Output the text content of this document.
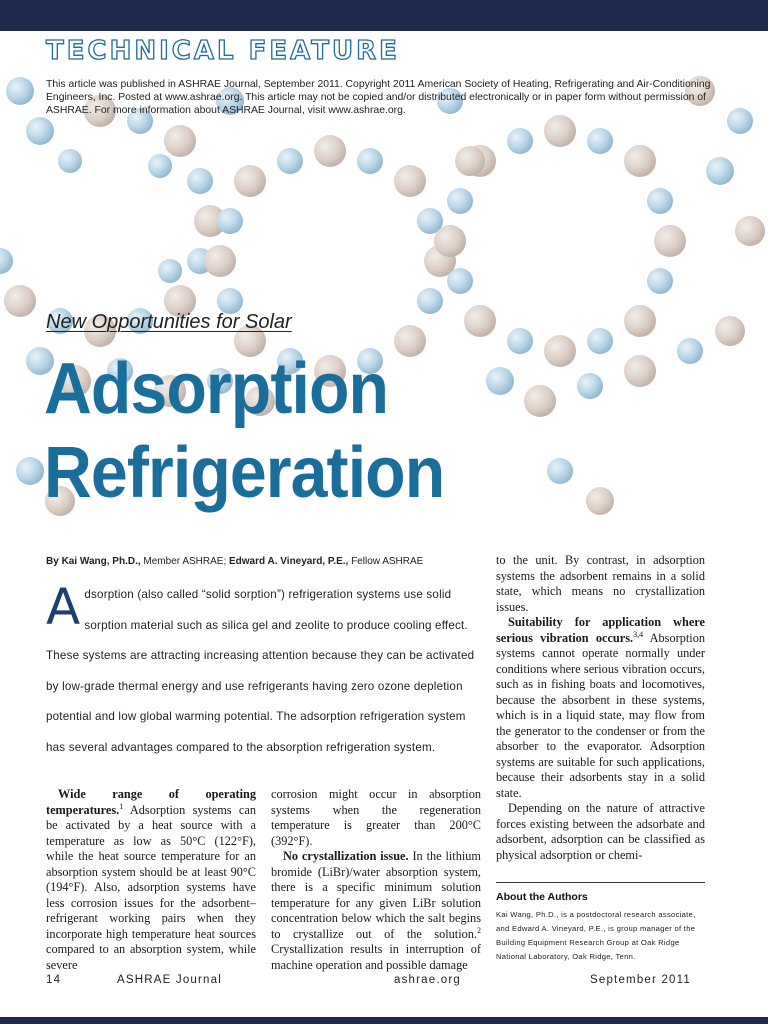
TECHNICAL FEATURE
This article was published in ASHRAE Journal, September 2011. Copyright 2011 American Society of Heating, Refrigerating and Air-Conditioning Engineers, Inc. Posted at www.ashrae.org. This article may not be copied and/or distributed electronically or in paper form without permission of ASHRAE. For more information about ASHRAE Journal, visit www.ashrae.org.
New Opportunities for Solar
Adsorption
Refrigeration
By Kai Wang, Ph.D., Member ASHRAE; Edward A. Vineyard, P.E., Fellow ASHRAE
Adsorption (also called “solid sorption”) refrigeration systems use solid sorption material such as silica gel and zeolite to produce cooling effect. These systems are attracting increasing attention because they can be activated by low-grade thermal energy and use refrigerants having zero ozone depletion potential and low global warming potential. The adsorption refrigeration system has several advantages compared to the absorption refrigeration system.

Wide range of operating temperatures.$^1$ Adsorption systems can be activated by a heat source with a temperature as low as 50°C (122°F), while the heat source temperature for an absorption system should be at least 90°C (194°F). Also, adsorption systems have less corrosion issues for the adsorbent–refrigerant working pairs when they incorporate high temperature heat sources compared to an absorption system, while severe

corrosion might occur in absorption systems when the regeneration temperature is greater than 200°C (392°F).

No crystallization issue. In the lithium bromide (LiBr)/water absorption system, there is a specific minimum solution temperature for any given LiBr solution concentration below which the salt begins to crystallize out of the solution.$^2$ Crystallization results in interruption of machine operation and possible damage

to the unit. By contrast, in adsorption systems the adsorbent remains in a solid state, which means no crystallization issues.

Suitability for application where serious vibration occurs.$^{3,4}$ Absorption systems cannot operate normally under conditions where serious vibration occurs, such as in fishing boats and locomotives, because the absorbent in these systems, which is in a liquid state, may flow from the generator to the condenser or from the absorber to the evaporator. Adsorption systems are suitable for such applications, because their adsorbents stay in a solid state.

Depending on the nature of attractive forces existing between the adsorbate and adsorbent, adsorption can be classified as physical adsorption or chemi-

About the Authors
Kai Wang, Ph.D., is a postdoctoral research associate, and Edward A. Vineyard, P.E., is group manager of the Building Equipment Research Group at Oak Ridge National Laboratory, Oak Ridge, Tenn.
14	ASHRAE Journal	ashrae.org	September 2011
